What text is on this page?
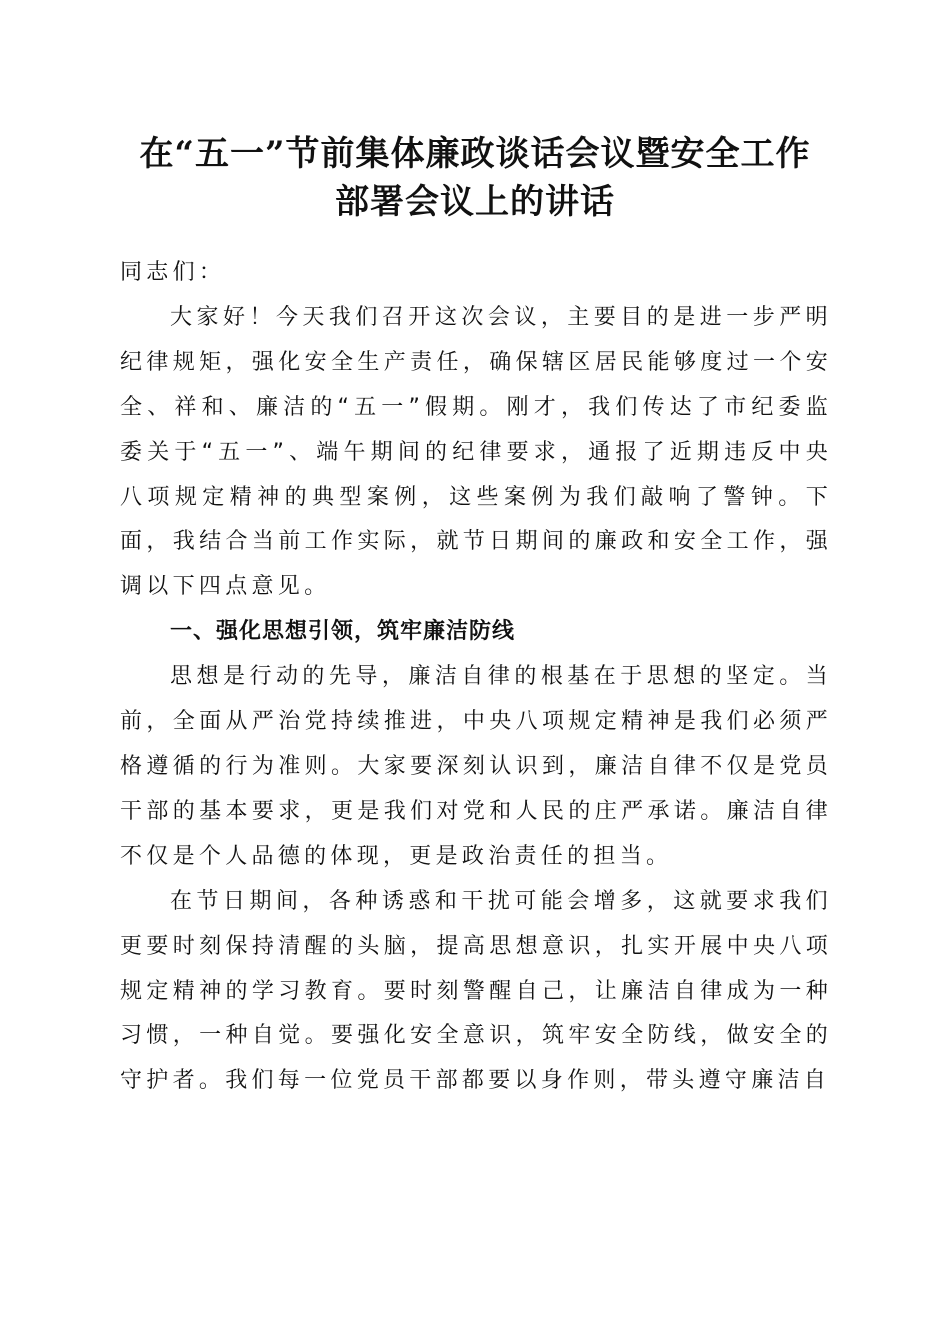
在“五一”节前集体廉政谈话会议暨安全工作
部署会议上的讲话

同志们：

大家好！今天我们召开这次会议，主要目的是进一步严明纪律规矩，强化安全生产责任，确保辖区居民能够度过一个安全、祥和、廉洁的“五一”假期。刚才，我们传达了市纪委监委关于“五一”、端午期间的纪律要求，通报了近期违反中央八项规定精神的典型案例，这些案例为我们敲响了警钟。下面，我结合当前工作实际，就节日期间的廉政和安全工作，强调以下四点意见。

一、强化思想引领，筑牢廉洁防线

思想是行动的先导，廉洁自律的根基在于思想的坚定。当前，全面从严治党持续推进，中央八项规定精神是我们必须严格遵循的行为准则。大家要深刻认识到，廉洁自律不仅是党员干部的基本要求，更是我们对党和人民的庄严承诺。廉洁自律不仅是个人品德的体现，更是政治责任的担当。

在节日期间，各种诱惑和干扰可能会增多，这就要求我们更要时刻保持清醒的头脑，提高思想意识，扎实开展中央八项规定精神的学习教育。要时刻警醒自己，让廉洁自律成为一种习惯，一种自觉。要强化安全意识，筑牢安全防线，做安全的守护者。我们每一位党员干部都要以身作则，带头遵守廉洁自
